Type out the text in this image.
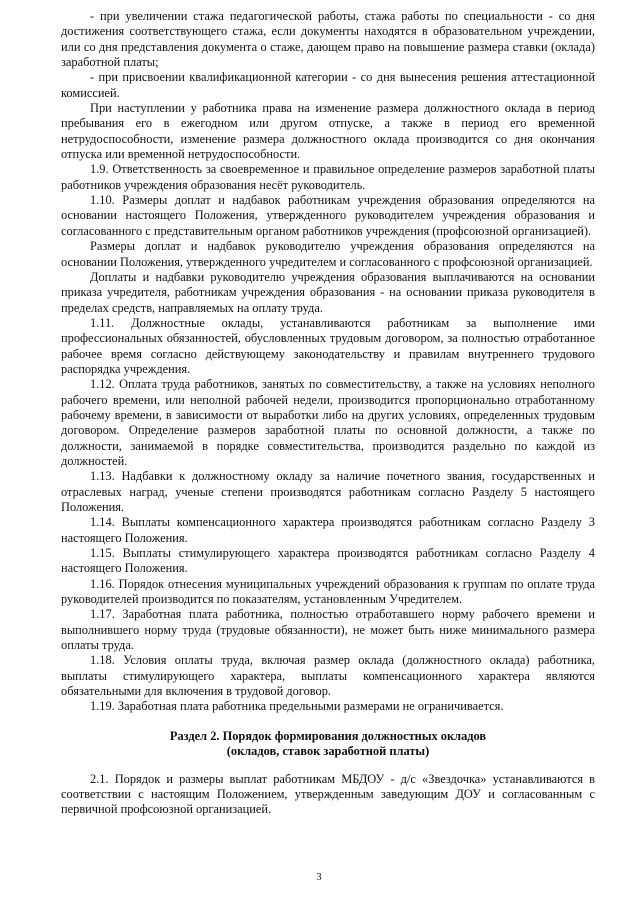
- при увеличении стажа педагогической работы, стажа работы по специальности - со дня достижения соответствующего стажа, если документы находятся в образовательном учреждении, или со дня представления документа о стаже, дающем право на повышение размера ставки (оклада) заработной платы;

- при присвоении квалификационной категории - со дня вынесения решения аттестационной комиссией.

При наступлении у работника права на изменение размера должностного оклада в период пребывания его в ежегодном или другом отпуске, а также в период его временной нетрудоспособности, изменение размера должностного оклада производится со дня окончания отпуска или временной нетрудоспособности.

1.9. Ответственность за своевременное и правильное определение размеров заработной платы работников учреждения образования несёт руководитель.

1.10. Размеры доплат и надбавок работникам учреждения образования определяются на основании настоящего Положения, утвержденного руководителем учреждения образования и согласованного с представительным органом работников учреждения (профсоюзной организацией).

Размеры доплат и надбавок руководителю учреждения образования определяются на основании Положения, утвержденного учредителем и согласованного с профсоюзной организацией.

Доплаты и надбавки руководителю учреждения образования выплачиваются на основании приказа учредителя, работникам учреждения образования - на основании приказа руководителя в пределах средств, направляемых на оплату труда.

1.11. Должностные оклады, устанавливаются работникам за выполнение ими профессиональных обязанностей, обусловленных трудовым договором, за полностью отработанное рабочее время согласно действующему законодательству и правилам внутреннего трудового распорядка учреждения.

1.12. Оплата труда работников, занятых по совместительству, а также на условиях неполного рабочего времени, или неполной рабочей недели, производится пропорционально отработанному рабочему времени, в зависимости от выработки либо на других условиях, определенных трудовым договором. Определение размеров заработной платы по основной должности, а также по должности, занимаемой в порядке совместительства, производится раздельно по каждой из должностей.

1.13. Надбавки к должностному окладу за наличие почетного звания, государственных и отраслевых наград, ученые степени производятся работникам согласно Разделу 5 настоящего Положения.

1.14. Выплаты компенсационного характера производятся работникам согласно Разделу 3 настоящего Положения.

1.15. Выплаты стимулирующего характера производятся работникам согласно Разделу 4 настоящего Положения.

1.16. Порядок отнесения муниципальных учреждений образования к группам по оплате труда руководителей производится по показателям, установленным Учредителем.

1.17. Заработная плата работника, полностью отработавшего норму рабочего времени и выполнившего норму труда (трудовые обязанности), не может быть ниже минимального размера оплаты труда.

1.18. Условия оплаты труда, включая размер оклада (должностного оклада) работника, выплаты стимулирующего характера, выплаты компенсационного характера являются обязательными для включения в трудовой договор.

1.19. Заработная плата работника предельными размерами не ограничивается.

Раздел 2. Порядок формирования должностных окладов
(окладов, ставок заработной платы)

2.1. Порядок и размеры выплат работникам МБДОУ - д/с «Звездочка» устанавливаются в соответствии с настоящим Положением, утвержденным заведующим ДОУ и согласованным с первичной профсоюзной организацией.

3
